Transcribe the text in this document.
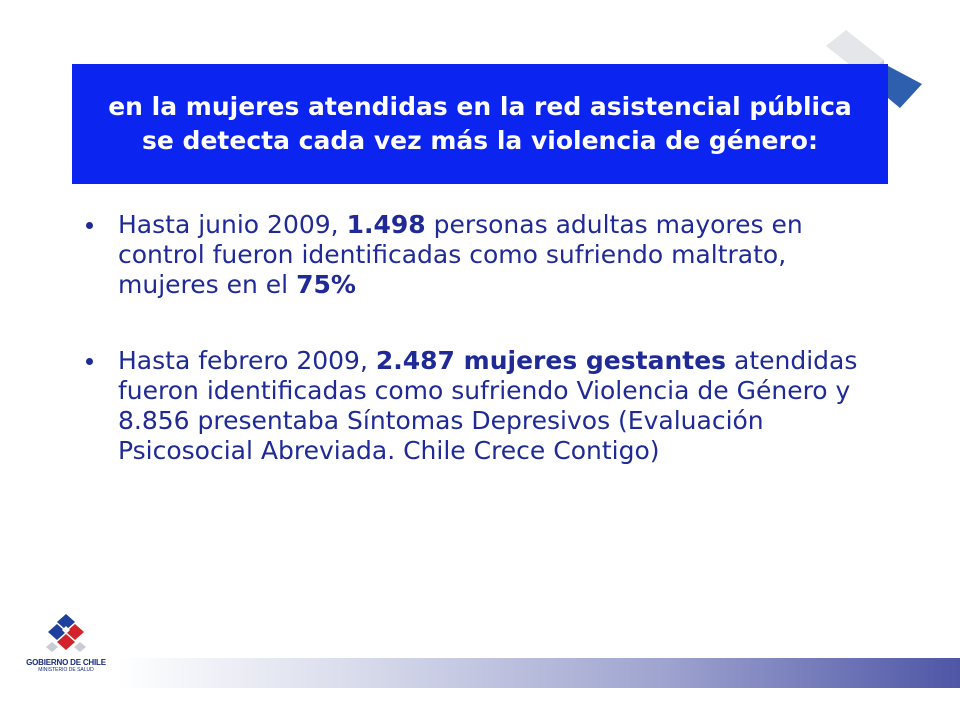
en la mujeres atendidas en la red asistencial pública
se detecta cada vez más la violencia de género:
Hasta junio 2009, 1.498 personas adultas mayores en control fueron identificadas como sufriendo maltrato, mujeres en el 75%
Hasta febrero 2009, 2.487 mujeres gestantes atendidas fueron identificadas como sufriendo Violencia de Género y 8.856 presentaba Síntomas Depresivos (Evaluación Psicosocial Abreviada. Chile Crece Contigo)
GOBIERNO DE CHILE
MINISTERIO DE SALUD
